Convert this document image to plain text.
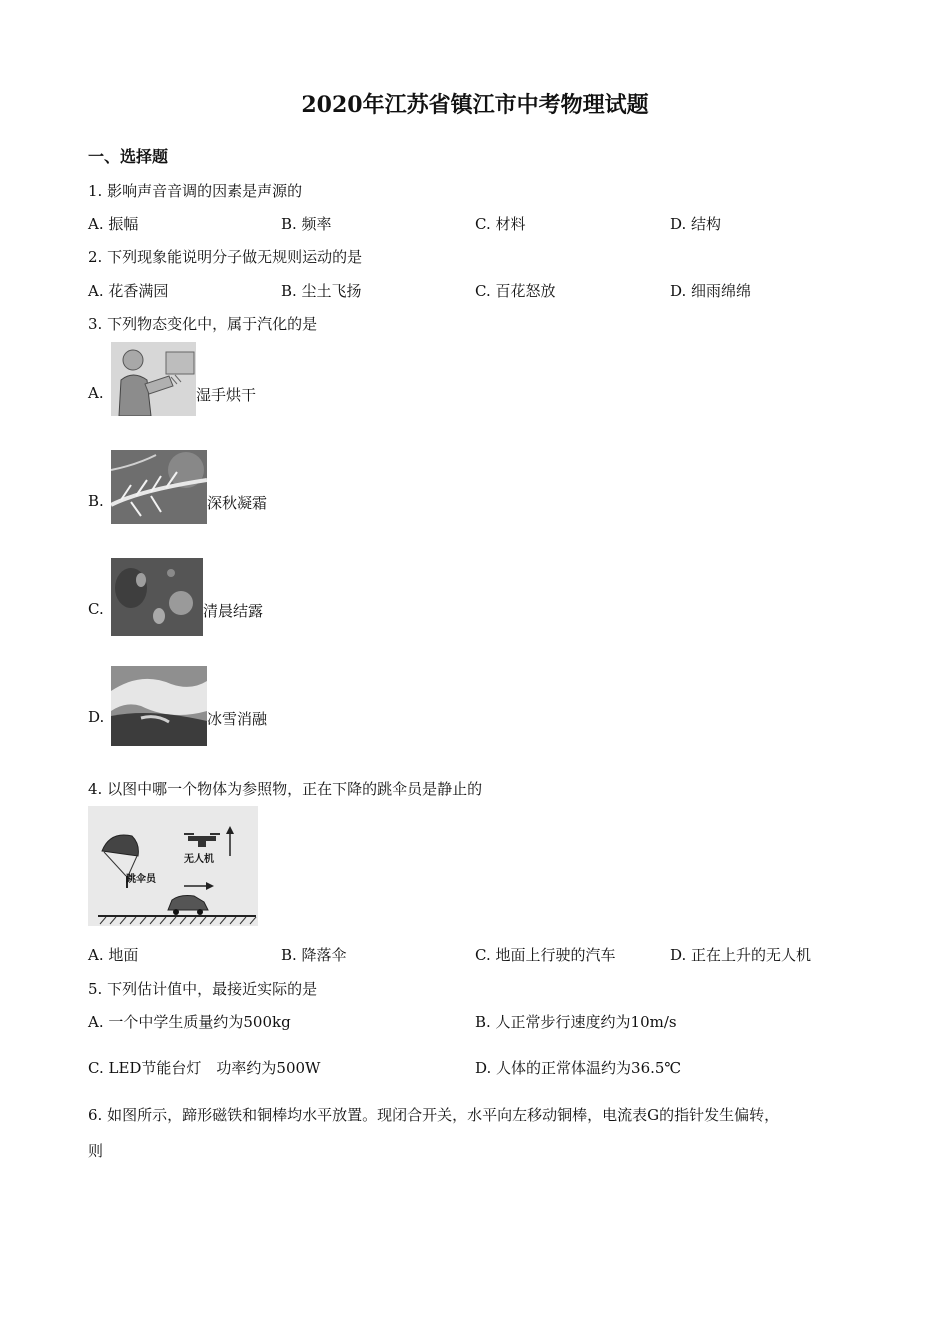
2020年江苏省镇江市中考物理试题
一、选择题
1. 影响声音音调的因素是声源的
A. 振幅	B. 频率	C. 材料	D. 结构
2. 下列现象能说明分子做无规则运动的是
A. 花香满园	B. 尘土飞扬	C. 百花怒放	D. 细雨绵绵
3. 下列物态变化中，属于汽化的是
A.	湿手烘干
B.	深秋凝霜
C.	清晨结露
D.	冰雪消融
4. 以图中哪一个物体为参照物，正在下降的跳伞员是静止的
无人机
跳伞员
A. 地面	B. 降落伞	C. 地面上行驶的汽车	D. 正在上升的无人机
5. 下列估计值中，最接近实际的是
A. 一个中学生质量约为500kg	B. 人正常步行速度约为10m/s
C. LED节能台灯　功率约为500W	D. 人体的正常体温约为36.5℃
6. 如图所示，蹄形磁铁和铜棒均水平放置。现闭合开关，水平向左移动铜棒，电流表G的指针发生偏转，
则
